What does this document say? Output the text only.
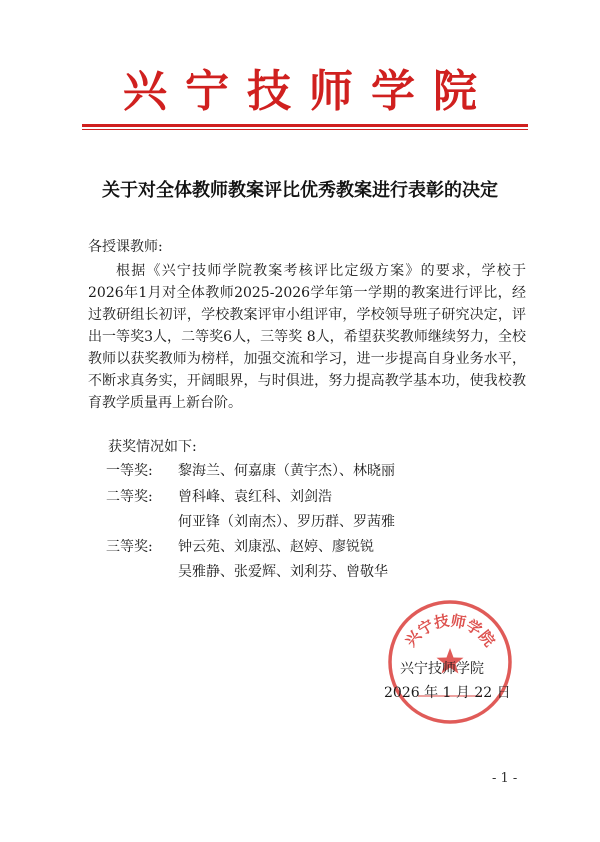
兴宁技师学院
关于对全体教师教案评比优秀教案进行表彰的决定
各授课教师:
根据《兴宁技师学院教案考核评比定级方案》的要求，学校于2026年1月对全体教师2025-2026学年第一学期的教案进行评比，经过教研组长初评，学校教案评审小组评审，学校领导班子研究决定，评出一等奖3人，二等奖6人，三等奖 8人，希望获奖教师继续努力，全校教师以获奖教师为榜样，加强交流和学习，进一步提高自身业务水平，不断求真务实，开阔眼界，与时俱进，努力提高教学基本功，使我校教育教学质量再上新台阶。
获奖情况如下:
一等奖:	黎海兰、何嘉康（黄宇杰）、林晓丽
二等奖:	曾科峰、袁红科、刘剑浩
何亚锋（刘南杰）、罗历群、罗茜雅
三等奖:	钟云苑、刘康泓、赵婷、廖锐锐
吴雅静、张爱辉、刘利芬、曾敬华
兴宁技师学院
兴宁技师学院
2026 年 1 月 22 日
- 1 -
